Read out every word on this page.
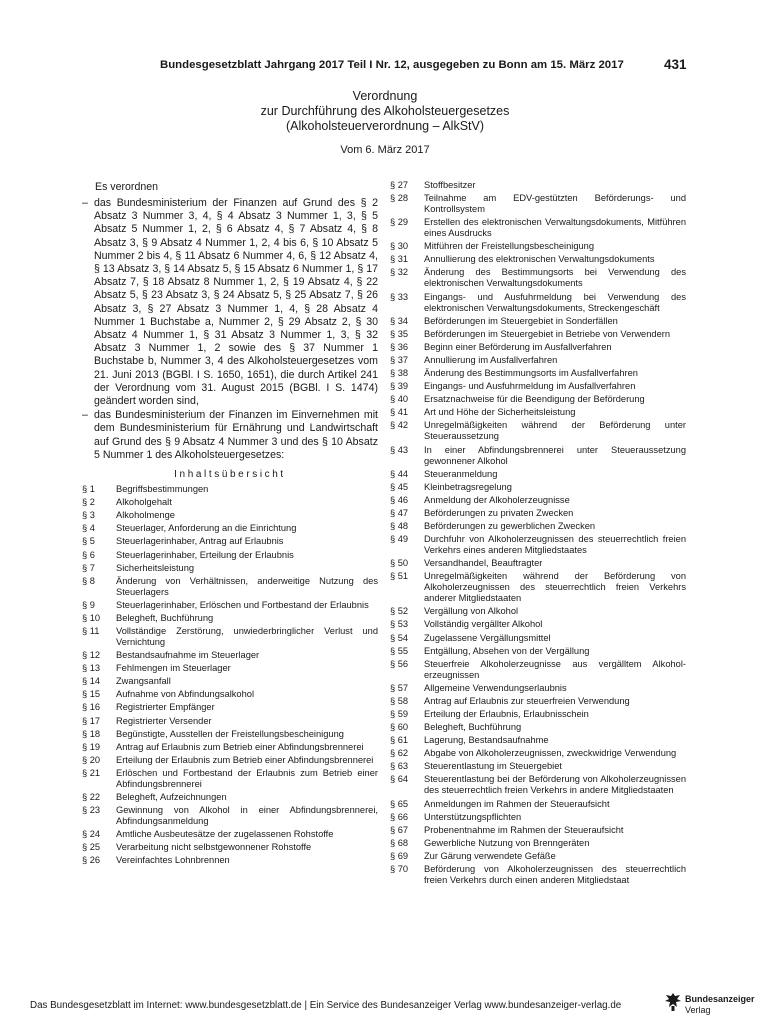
Bundesgesetzblatt Jahrgang 2017 Teil I Nr. 12, ausgegeben zu Bonn am 15. März 2017	431
Verordnung
zur Durchführung des Alkoholsteuergesetzes
(Alkoholsteuerverordnung – AlkStV)
Vom 6. März 2017
Es verordnen
– das Bundesministerium der Finanzen auf Grund des § 2 Absatz 3 Nummer 3, 4, § 4 Absatz 3 Nummer 1, 3, § 5 Absatz 5 Nummer 1, 2, § 6 Absatz 4, § 7 Absatz 4, § 8 Absatz 3, § 9 Absatz 4 Nummer 1, 2, 4 bis 6, § 10 Absatz 5 Nummer 2 bis 4, § 11 Absatz 6 Nummer 4, 6, § 12 Absatz 4, § 13 Absatz 3, § 14 Absatz 5, § 15 Absatz 6 Nummer 1, § 17 Absatz 7, § 18 Absatz 8 Nummer 1, 2, § 19 Absatz 4, § 22 Absatz 5, § 23 Absatz 3, § 24 Absatz 5, § 25 Absatz 7, § 26 Absatz 3, § 27 Absatz 3 Nummer 1, 4, § 28 Absatz 4 Nummer 1 Buchstabe a, Nummer 2, § 29 Absatz 2, § 30 Absatz 4 Nummer 1, § 31 Absatz 3 Nummer 1, 3, § 32 Absatz 3 Nummer 1, 2 sowie des § 37 Nummer 1 Buchstabe b, Nummer 3, 4 des Alkoholsteuergesetzes vom 21. Juni 2013 (BGBl. I S. 1650, 1651), die durch Artikel 241 der Verordnung vom 31. August 2015 (BGBl. I S. 1474) geändert worden sind,
– das Bundesministerium der Finanzen im Einvernehmen mit dem Bundesministerium für Ernährung und Landwirtschaft auf Grund des § 9 Absatz 4 Nummer 3 und des § 10 Absatz 5 Nummer 1 des Alkoholsteuergesetzes:
Inhaltsübersicht
§ 1	Begriffsbestimmungen
§ 2	Alkoholgehalt
§ 3	Alkoholmenge
§ 4	Steuerlager, Anforderung an die Einrichtung
§ 5	Steuerlagerinhaber, Antrag auf Erlaubnis
§ 6	Steuerlagerinhaber, Erteilung der Erlaubnis
§ 7	Sicherheitsleistung
§ 8	Änderung von Verhältnissen, anderweitige Nutzung des Steuerlagers
§ 9	Steuerlagerinhaber, Erlöschen und Fortbestand der Erlaubnis
§ 10	Belegheft, Buchführung
§ 11	Vollständige Zerstörung, unwiederbringlicher Verlust und Vernichtung
§ 12	Bestandsaufnahme im Steuerlager
§ 13	Fehlmengen im Steuerlager
§ 14	Zwangsanfall
§ 15	Aufnahme von Abfindungsalkohol
§ 16	Registrierter Empfänger
§ 17	Registrierter Versender
§ 18	Begünstigte, Ausstellen der Freistellungsbescheinigung
§ 19	Antrag auf Erlaubnis zum Betrieb einer Abfindungsbrennerei
§ 20	Erteilung der Erlaubnis zum Betrieb einer Abfindungsbrennerei
§ 21	Erlöschen und Fortbestand der Erlaubnis zum Betrieb einer Abfindungsbrennerei
§ 22	Belegheft, Aufzeichnungen
§ 23	Gewinnung von Alkohol in einer Abfindungsbrennerei, Abfindungsanmeldung
§ 24	Amtliche Ausbeutesätze der zugelassenen Rohstoffe
§ 25	Verarbeitung nicht selbstgewonnener Rohstoffe
§ 26	Vereinfachtes Lohnbrennen
§ 27	Stoffbesitzer
§ 28	Teilnahme am EDV-gestützten Beförderungs- und Kontrollsystem
§ 29	Erstellen des elektronischen Verwaltungsdokuments, Mitführen eines Ausdrucks
§ 30	Mitführen der Freistellungsbescheinigung
§ 31	Annullierung des elektronischen Verwaltungsdokuments
§ 32	Änderung des Bestimmungsorts bei Verwendung des elektronischen Verwaltungsdokuments
§ 33	Eingangs- und Ausfuhrmeldung bei Verwendung des elektronischen Verwaltungsdokuments, Streckengeschäft
§ 34	Beförderungen im Steuergebiet in Sonderfällen
§ 35	Beförderungen im Steuergebiet in Betriebe von Verwendern
§ 36	Beginn einer Beförderung im Ausfallverfahren
§ 37	Annullierung im Ausfallverfahren
§ 38	Änderung des Bestimmungsorts im Ausfallverfahren
§ 39	Eingangs- und Ausfuhrmeldung im Ausfallverfahren
§ 40	Ersatznachweise für die Beendigung der Beförderung
§ 41	Art und Höhe der Sicherheitsleistung
§ 42	Unregelmäßigkeiten während der Beförderung unter Steueraussetzung
§ 43	In einer Abfindungsbrennerei unter Steueraussetzung gewonnener Alkohol
§ 44	Steueranmeldung
§ 45	Kleinbetragsregelung
§ 46	Anmeldung der Alkoholerzeugnisse
§ 47	Beförderungen zu privaten Zwecken
§ 48	Beförderungen zu gewerblichen Zwecken
§ 49	Durchfuhr von Alkoholerzeugnissen des steuerrechtlich freien Verkehrs eines anderen Mitgliedstaates
§ 50	Versandhandel, Beauftragter
§ 51	Unregelmäßigkeiten während der Beförderung von Alkoholerzeugnissen des steuerrechtlich freien Verkehrs anderer Mitgliedstaaten
§ 52	Vergällung von Alkohol
§ 53	Vollständig vergällter Alkohol
§ 54	Zugelassene Vergällungsmittel
§ 55	Entgällung, Absehen von der Vergällung
§ 56	Steuerfreie Alkoholerzeugnisse aus vergälltem Alkohol-erzeugnissen
§ 57	Allgemeine Verwendungserlaubnis
§ 58	Antrag auf Erlaubnis zur steuerfreien Verwendung
§ 59	Erteilung der Erlaubnis, Erlaubnisschein
§ 60	Belegheft, Buchführung
§ 61	Lagerung, Bestandsaufnahme
§ 62	Abgabe von Alkoholerzeugnissen, zweckwidrige Verwendung
§ 63	Steuerentlastung im Steuergebiet
§ 64	Steuerentlastung bei der Beförderung von Alkoholerzeugnissen des steuerrechtlich freien Verkehrs in andere Mitgliedstaaten
§ 65	Anmeldungen im Rahmen der Steueraufsicht
§ 66	Unterstützungspflichten
§ 67	Probenentnahme im Rahmen der Steueraufsicht
§ 68	Gewerbliche Nutzung von Brenngeräten
§ 69	Zur Gärung verwendete Gefäße
§ 70	Beförderung von Alkoholerzeugnissen des steuerrechtlich freien Verkehrs durch einen anderen Mitgliedstaat
Das Bundesgesetzblatt im Internet: www.bundesgesetzblatt.de | Ein Service des Bundesanzeiger Verlag www.bundesanzeiger-verlag.de
Bundesanzeiger
Verlag
